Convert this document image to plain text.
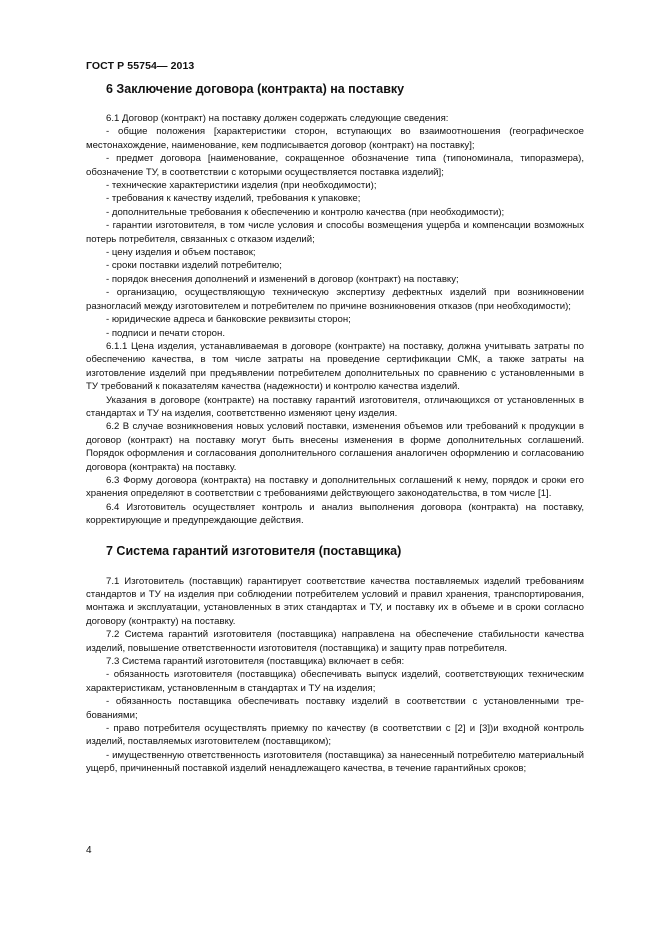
ГОСТ Р 55754— 2013
6 Заключение договора (контракта) на поставку

6.1 Договор (контракт) на поставку должен содержать следующие сведения:

- общие положения [характеристики сторон, вступающих во взаимоотношения (географическое местонахождение, наименование, кем подписывается договор (контракт) на поставку];

- предмет договора [наименование, сокращенное обозначение типа (типономинала, типоразмера), обозначение ТУ, в соответствии с которыми осуществляется поставка изделий];

- технические характеристики изделия (при необходимости);

- требования к качеству изделий, требования к упаковке;

- дополнительные требования к обеспечению и контролю качества (при необходимости);

- гарантии изготовителя, в том числе условия и способы возмещения ущерба и компенсации возможных потерь потребителя, связанных с отказом изделий;

- цену изделия и объем поставок;

- сроки поставки изделий потребителю;

- порядок внесения дополнений и изменений в договор (контракт) на поставку;

- организацию, осуществляющую техническую экспертизу дефектных изделий при возникновении разногласий между изготовителем и потребителем по причине возникновения отказов (при необходимости);

- юридические адреса и банковские реквизиты сторон;

- подписи и печати сторон.

6.1.1 Цена изделия, устанавливаемая в договоре (контракте) на поставку, должна учитывать затраты по обеспечению качества, в том числе затраты на проведение сертификации СМК, а также затраты на изготовление изделий при предъявлении потребителем дополнительных по сравнению с установленными в ТУ требований к показателям качества (надежности) и контролю качества изделий.

Указания в договоре (контракте) на поставку гарантий изготовителя, отличающихся от установленных в стандартах и ТУ на изделия, соответственно изменяют цену изделия.

6.2 В случае возникновения новых условий поставки, изменения объемов или требований к продукции в договор (контракт) на поставку могут быть внесены изменения в форме дополнительных соглашений. Порядок оформления и согласования дополнительного соглашения аналогичен оформлению и согласованию договора (контракта) на поставку.

6.3 Форму договора (контракта) на поставку и дополнительных соглашений к нему, порядок и сроки его хранения определяют в соответствии с требованиями действующего законодательства, в том числе [1].

6.4 Изготовитель осуществляет контроль и анализ выполнения договора (контракта) на поставку, корректирующие и предупреждающие действия.

7 Система гарантий изготовителя (поставщика)

7.1 Изготовитель (поставщик) гарантирует соответствие качества поставляемых изделий требованиям стандартов и ТУ на изделия при соблюдении потребителем условий и правил хранения, транспортирования, монтажа и эксплуатации, установленных в этих стандартах и ТУ, и поставку их в объеме и в сроки согласно договору (контракту) на поставку.

7.2 Система гарантий изготовителя (поставщика) направлена на обеспечение стабильности качества изделий, повышение ответственности изготовителя (поставщика) и защиту прав потребителя.

7.3 Система гарантий изготовителя (поставщика) включает в себя:

- обязанность изготовителя (поставщика) обеспечивать выпуск изделий, соответствующих техническим характеристикам, установленным в стандартах и ТУ на изделия;

- обязанность поставщика обеспечивать поставку изделий в соответствии с установленными требованиями;

- право потребителя осуществлять приемку по качеству (в соответствии с [2] и [3])и входной контроль изделий, поставляемых изготовителем (поставщиком);

- имущественную ответственность изготовителя (поставщика) за нанесенный потребителю материальный ущерб, причиненный поставкой изделий ненадлежащего качества, в течение гарантийных сроков;

4
